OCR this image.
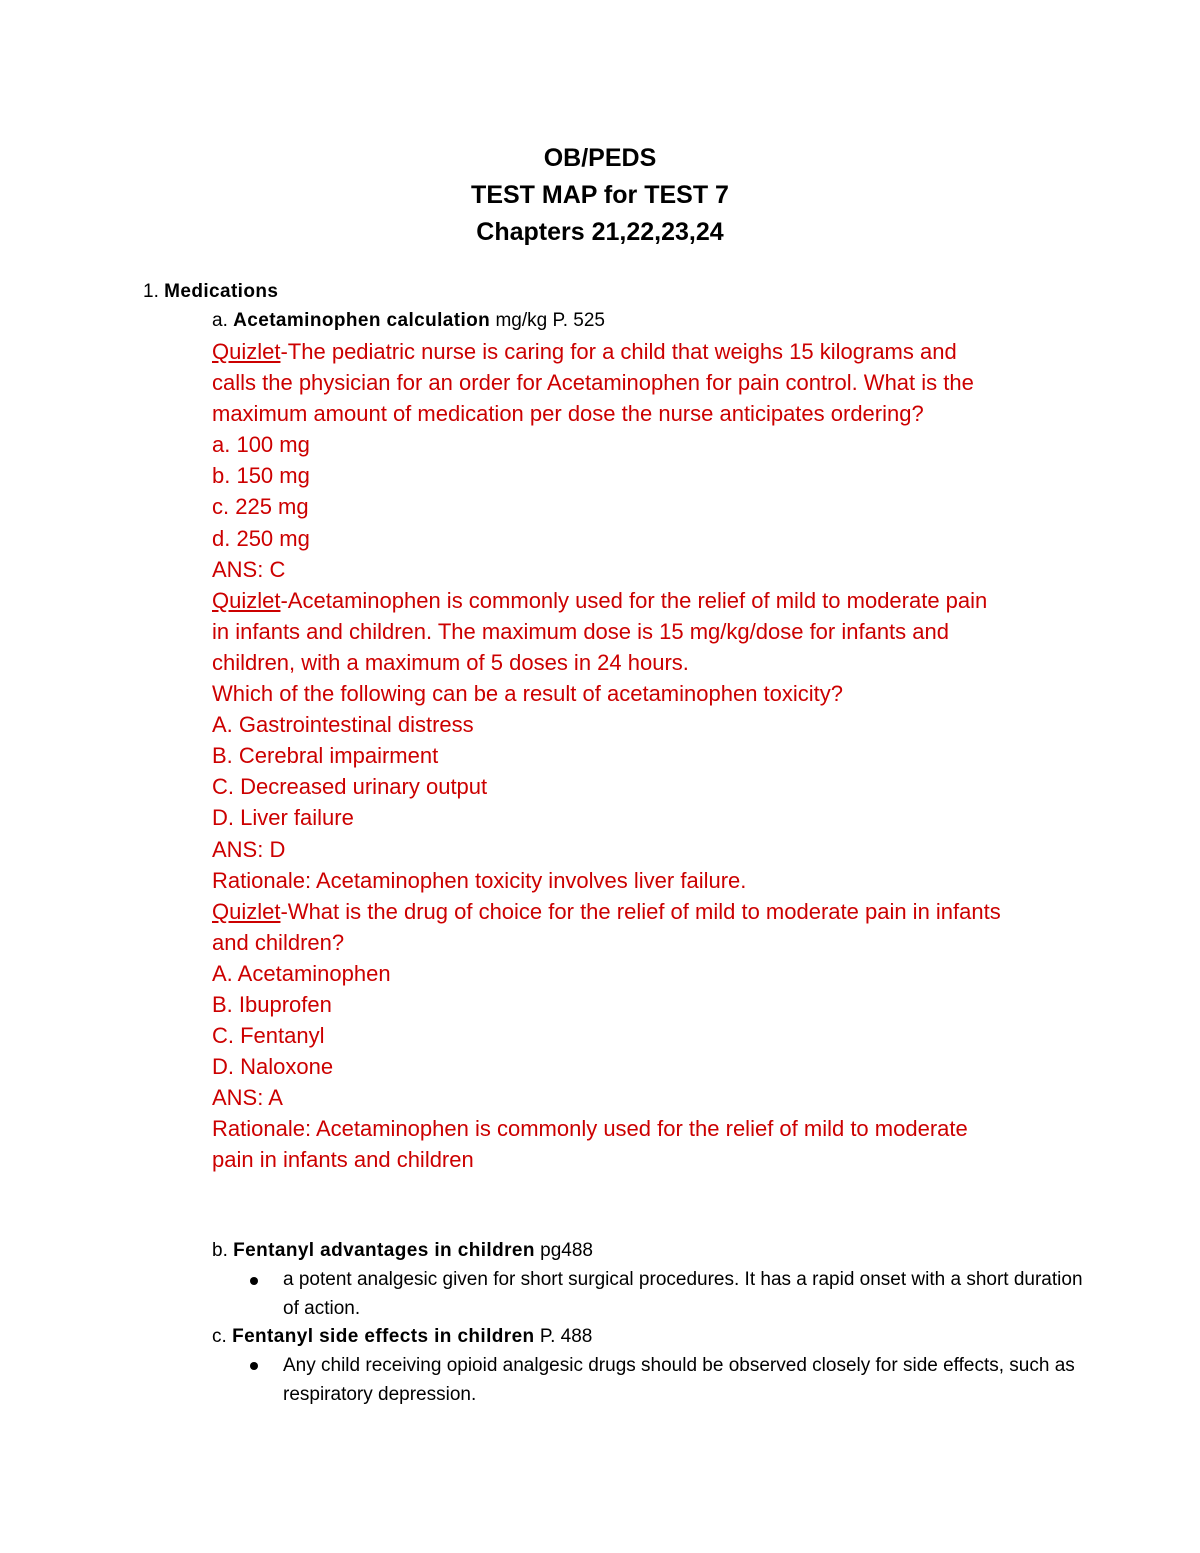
OB/PEDS
TEST MAP for TEST 7
Chapters 21,22,23,24
1. Medications
a. Acetaminophen calculation mg/kg P. 525
Quizlet-The pediatric nurse is caring for a child that weighs 15 kilograms and
calls the physician for an order for Acetaminophen for pain control. What is the
maximum amount of medication per dose the nurse anticipates ordering?
a. 100 mg
b. 150 mg
c. 225 mg
d. 250 mg
ANS: C
Quizlet-Acetaminophen is commonly used for the relief of mild to moderate pain
in infants and children. The maximum dose is 15 mg/kg/dose for infants and
children, with a maximum of 5 doses in 24 hours.
Which of the following can be a result of acetaminophen toxicity?
A. Gastrointestinal distress
B. Cerebral impairment
C. Decreased urinary output
D. Liver failure
ANS: D
Rationale: Acetaminophen toxicity involves liver failure.
Quizlet-What is the drug of choice for the relief of mild to moderate pain in infants
and children?
A. Acetaminophen
B. Ibuprofen
C. Fentanyl
D. Naloxone
ANS: A
Rationale: Acetaminophen is commonly used for the relief of mild to moderate
pain in infants and children
b. Fentanyl advantages in children pg488
a potent analgesic given for short surgical procedures. It has a rapid onset with a short duration of action.
c. Fentanyl side effects in children P. 488
Any child receiving opioid analgesic drugs should be observed closely for side effects, such as respiratory depression.
